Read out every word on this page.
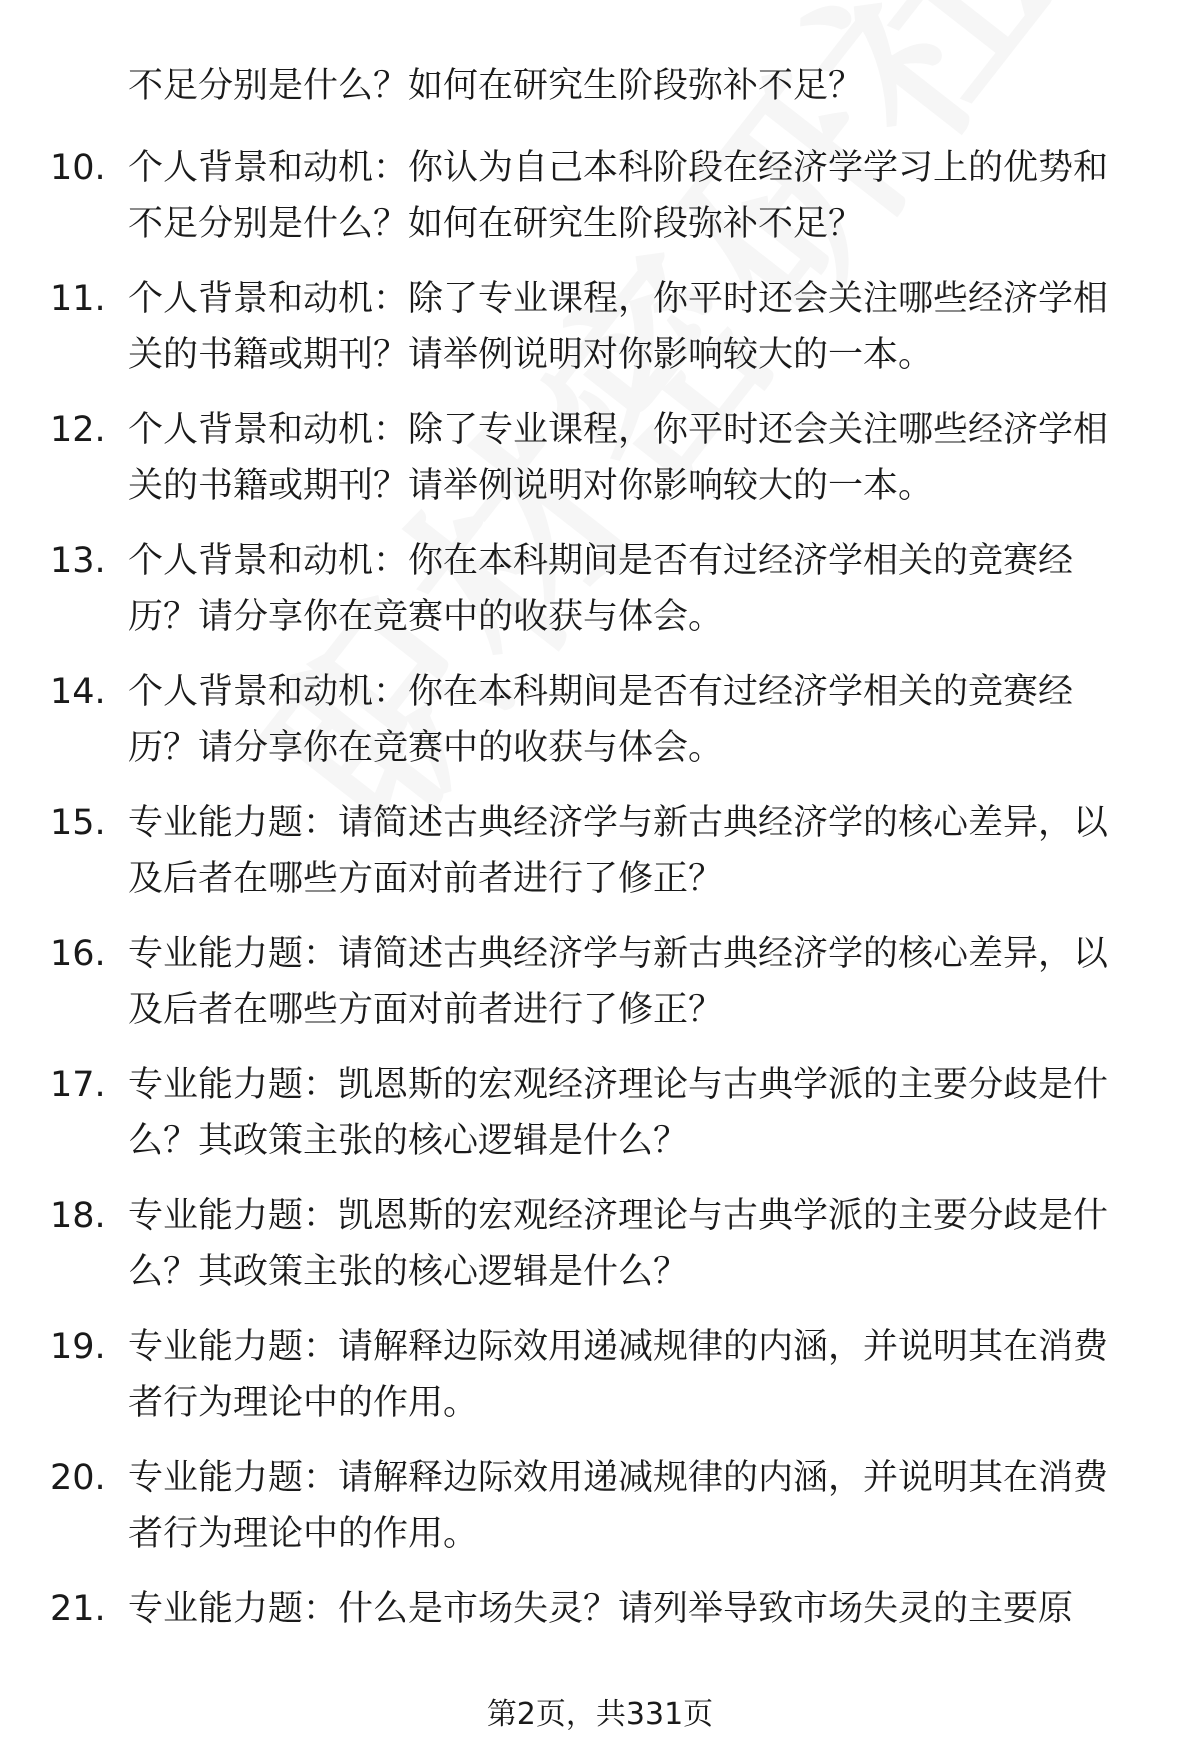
不足分别是什么？如何在研究生阶段弥补不足？
10. 个人背景和动机：你认为自己本科阶段在经济学学习上的优势和
不足分别是什么？如何在研究生阶段弥补不足？
11. 个人背景和动机：除了专业课程，你平时还会关注哪些经济学相
关的书籍或期刊？请举例说明对你影响较大的一本。
12. 个人背景和动机：除了专业课程，你平时还会关注哪些经济学相
关的书籍或期刊？请举例说明对你影响较大的一本。
13. 个人背景和动机：你在本科期间是否有过经济学相关的竞赛经
历？请分享你在竞赛中的收获与体会。
14. 个人背景和动机：你在本科期间是否有过经济学相关的竞赛经
历？请分享你在竞赛中的收获与体会。
15. 专业能力题：请简述古典经济学与新古典经济学的核心差异，以
及后者在哪些方面对前者进行了修正？
16. 专业能力题：请简述古典经济学与新古典经济学的核心差异，以
及后者在哪些方面对前者进行了修正？
17. 专业能力题：凯恩斯的宏观经济理论与古典学派的主要分歧是什
么？其政策主张的核心逻辑是什么？
18. 专业能力题：凯恩斯的宏观经济理论与古典学派的主要分歧是什
么？其政策主张的核心逻辑是什么？
19. 专业能力题：请解释边际效用递减规律的内涵，并说明其在消费
者行为理论中的作用。
20. 专业能力题：请解释边际效用递减规律的内涵，并说明其在消费
者行为理论中的作用。
21. 专业能力题：什么是市场失灵？请列举导致市场失灵的主要原
第2页，共331页
